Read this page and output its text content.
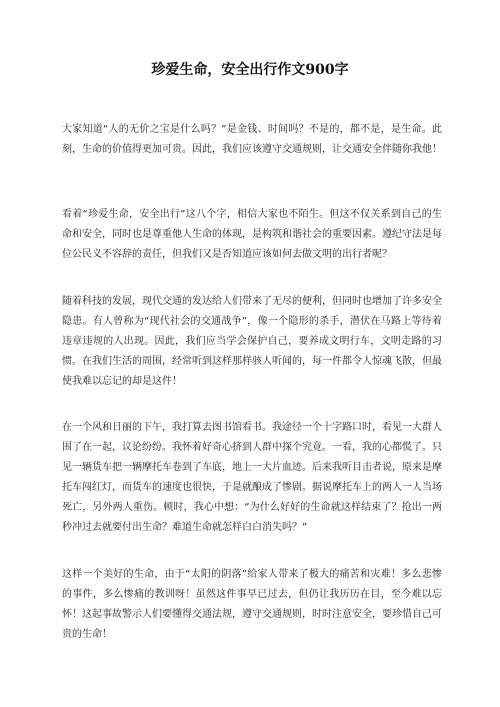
珍爱生命，安全出行作文900字

大家知道“人的无价之宝是什么吗？”是金钱、时间吗？不是的，都不是，是生命。此刻，生命的价值得更加可贵。因此，我们应该遵守交通规则，让交通安全伴随你我他！

看着“珍爱生命，安全出行”这八个字，相信大家也不陌生。但这不仅关系到自己的生命和安全，同时也是尊重他人生命的体现，是构筑和谐社会的重要因素。遵纪守法是每位公民义不容辞的责任，但我们又是否知道应该如何去做文明的出行者呢？

随着科技的发展，现代交通的发达给人们带来了无尽的便利，但同时也增加了许多安全隐患。有人曾称为“现代社会的交通战争”，像一个隐形的杀手，潜伏在马路上等待着违章违规的人出现。因此，我们应当学会保护自己，要养成文明行车，文明走路的习惯。在我们生活的周围，经常听到这样那样骇人听闻的，每一件都令人惊魂飞散，但最使我难以忘记的却是这件！

在一个风和日丽的下午，我打算去图书馆看书。我途径一个十字路口时，看见一大群人围了在一起，议论纷纷。我怀着好奇心挤到人群中探个究竟。一看，我的心都慌了。只见一辆货车把一辆摩托车卷到了车底，地上一大片血迹。后来我听目击者说，原来是摩托车闯红灯，而货车的速度也很快，于是就酿成了惨剧。据说摩托车上的两人一人当场死亡，另外两人重伤。顿时，我心中想：“为什么好好的生命就这样结束了？抢出一两秒冲过去就要付出生命？难道生命就怎样白白消失吗？”

这样一个美好的生命，由于“太阳的阴落”给家人带来了极大的痛苦和灾难！多么悲惨的事件，多么惨痛的教训呀！虽然这件事早已过去，但仍让我历历在目，至今难以忘怀！这起事故警示人们要懂得交通法规，遵守交通规则，时时注意安全，要珍惜自己可贵的生命！
